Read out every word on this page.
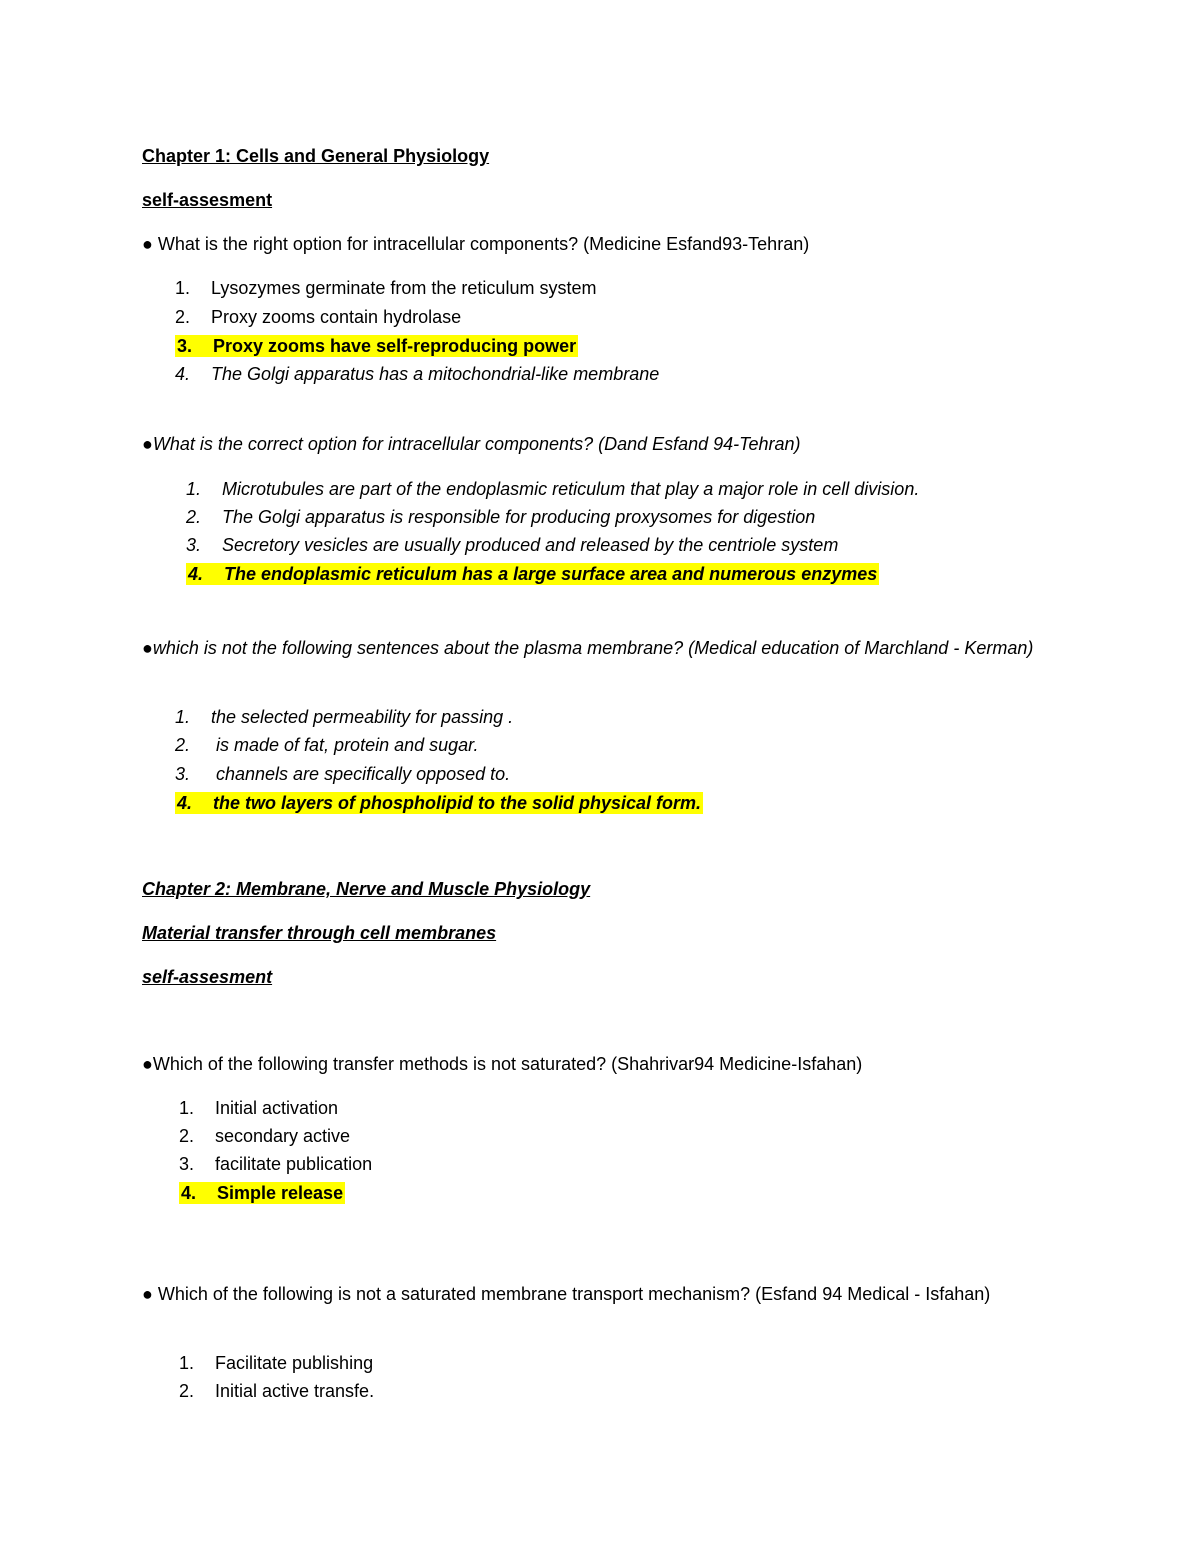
Chapter 1: Cells and General Physiology
self-assesment
● What is the right option for intracellular components? (Medicine Esfand93-Tehran)
1. Lysozymes germinate from the reticulum system
2. Proxy zooms contain hydrolase
3. Proxy zooms have self-reproducing power
4. The Golgi apparatus has a mitochondrial-like membrane
●What is the correct option for intracellular components? (Dand Esfand 94-Tehran)
1. Microtubules are part of the endoplasmic reticulum that play a major role in cell division.
2. The Golgi apparatus is responsible for producing proxysomes for digestion
3. Secretory vesicles are usually produced and released by the centriole system
4. The endoplasmic reticulum has a large surface area and numerous enzymes
●which is not the following sentences about the plasma membrane? (Medical education of Marchland - Kerman)
1. the selected permeability for passing .
2. is made of fat, protein and sugar.
3. channels are specifically opposed to.
4. the two layers of phospholipid to the solid physical form.
Chapter 2: Membrane, Nerve and Muscle Physiology
Material transfer through cell membranes
self-assesment
●Which of the following transfer methods is not saturated? (Shahrivar94 Medicine-Isfahan)
1. Initial activation
2. secondary active
3. facilitate publication
4. Simple release
● Which of the following is not a saturated membrane transport mechanism? (Esfand 94 Medical - Isfahan)
1. Facilitate publishing
2. Initial active transfe.
